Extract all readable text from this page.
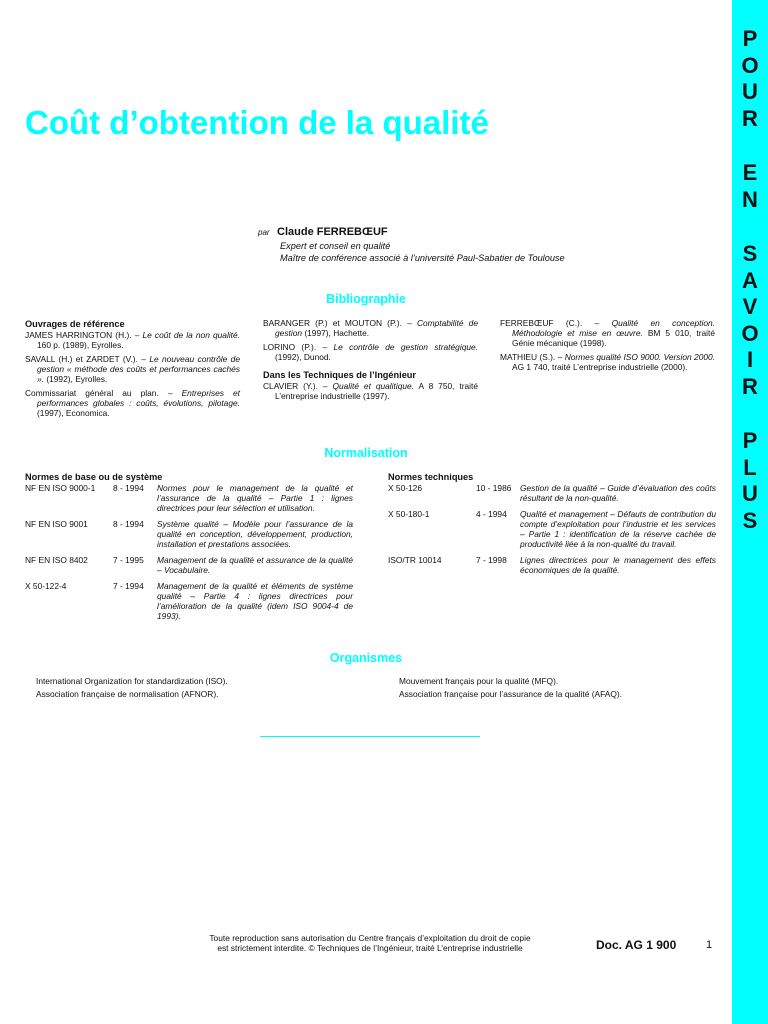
P
O
U
R
E
N
S
A
V
O
I
R
P
L
U
S
Coût d’obtention de la qualité
par Claude FERREBŒUF
Expert et conseil en qualité
Maître de conférence associé à l’université Paul-Sabatier de Toulouse
Bibliographie
Ouvrages de référence

JAMES HARRINGTON (H.). – Le coût de la non qualité. 160 p. (1989), Eyrolles.

SAVALL (H.) et ZARDET (V.). – Le nouveau contrôle de gestion « méthode des coûts et performances cachés ». (1992), Eyrolles.

Commissariat général au plan. – Entreprises et performances globales : coûts, évolutions, pilotage. (1997), Economica.

BARANGER (P.) et MOUTON (P.). – Comptabilité de gestion (1997), Hachette.

LORINO (P.). – Le contrôle de gestion stratégique. (1992), Dunod.

Dans les Techniques de l’Ingénieur

CLAVIER (Y.). – Qualité et qualitique. A 8 750, traité L’entreprise industrielle (1997).

FERREBŒUF (C.). – Qualité en conception. Méthodologie et mise en œuvre. BM 5 010, traité Génie mécanique (1998).

MATHIEU (S.). – Normes qualité ISO 9000. Version 2000. AG 1 740, traité L’entreprise industrielle (2000).

Normalisation
Normes de base ou de système
NF EN ISO 9000-1	8 - 1994	Normes pour le management de la qualité et l’assurance de la qualité – Partie 1 : lignes directrices pour leur sélection et utilisation.
NF EN ISO 9001	8 - 1994	Système qualité – Modèle pour l’assurance de la qualité en conception, développement, production, installation et prestations associées.
NF EN ISO 8402	7 - 1995	Management de la qualité et assurance de la qualité – Vocabulaire.
X 50-122-4	7 - 1994	Management de la qualité et éléments de système qualité – Partie 4 : lignes directrices pour l’amélioration de la qualité (idem ISO 9004-4 de 1993).
Normes techniques
X 50-126	10 - 1986	Gestion de la qualité – Guide d’évaluation des coûts résultant de la non-qualité.
X 50-180-1	4 - 1994	Qualité et management – Défauts de contribution du compte d’exploitation pour l’industrie et les services – Partie 1 : identification de la réserve cachée de productivité liée à la non-qualité du travail.
ISO/TR 10014	7 - 1998	Lignes directrices pour le management des effets économiques de la qualité.
Organismes
International Organization for standardization (ISO).
Association française de normalisation (AFNOR).
Mouvement français pour la qualité (MFQ).
Association française pour l’assurance de la qualité (AFAQ).
Toute reproduction sans autorisation du Centre français d’exploitation du droit de copie
est strictement interdite. © Techniques de l’Ingénieur, traité L’entreprise industrielle	Doc. AG 1 900	1
